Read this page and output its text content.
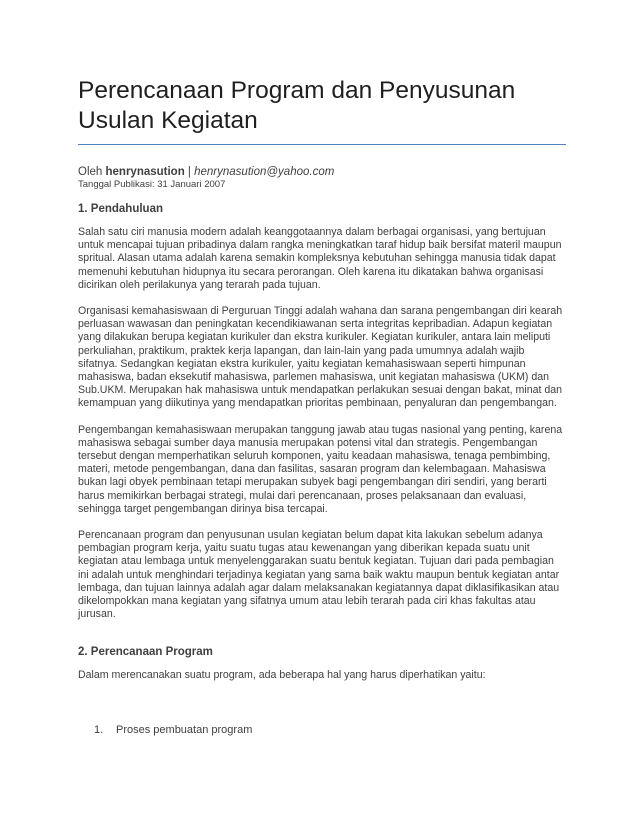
Perencanaan Program dan Penyusunan Usulan Kegiatan
Oleh henrynasution | henrynasution@yahoo.com
Tanggal Publikasi: 31 Januari 2007
1. Pendahuluan

Salah satu ciri manusia modern adalah keanggotaannya dalam berbagai organisasi, yang bertujuan untuk mencapai tujuan pribadinya dalam rangka meningkatkan taraf hidup baik bersifat materil maupun spritual. Alasan utama adalah karena semakin kompleksnya kebutuhan sehingga manusia tidak dapat memenuhi kebutuhan hidupnya itu secara perorangan. Oleh karena itu dikatakan bahwa organisasi dicirikan oleh perilakunya yang terarah pada tujuan.

Organisasi kemahasiswaan di Perguruan Tinggi adalah wahana dan sarana pengembangan diri kearah perluasan wawasan dan peningkatan kecendikiawanan serta integritas kepribadian. Adapun kegiatan yang dilakukan berupa kegiatan kurikuler dan ekstra kurikuler. Kegiatan kurikuler, antara lain meliputi perkuliahan, praktikum, praktek kerja lapangan, dan lain-lain yang pada umumnya adalah wajib sifatnya. Sedangkan kegiatan ekstra kurikuler, yaitu kegiatan kemahasiswaan seperti himpunan mahasiswa, badan eksekutif mahasiswa, parlemen mahasiswa, unit kegiatan mahasiswa (UKM) dan Sub.UKM. Merupakan hak mahasiswa untuk mendapatkan perlakukan sesuai dengan bakat, minat dan kemampuan yang diikutinya yang mendapatkan prioritas pembinaan, penyaluran dan pengembangan.

Pengembangan kemahasiswaan merupakan tanggung jawab atau tugas nasional yang penting, karena mahasiswa sebagai sumber daya manusia merupakan potensi vital dan strategis. Pengembangan tersebut dengan memperhatikan seluruh komponen, yaitu keadaan mahasiswa, tenaga pembimbing, materi, metode pengembangan, dana dan fasilitas, sasaran program dan kelembagaan. Mahasiswa bukan lagi obyek pembinaan tetapi merupakan subyek bagi pengembangan diri sendiri, yang berarti harus memikirkan berbagai strategi, mulai dari perencanaan, proses pelaksanaan dan evaluasi, sehingga target pengembangan dirinya bisa tercapai.

Perencanaan program dan penyusunan usulan kegiatan belum dapat kita lakukan sebelum adanya pembagian program kerja, yaitu suatu tugas atau kewenangan yang diberikan kepada suatu unit kegiatan atau lembaga untuk menyelenggarakan suatu bentuk kegiatan. Tujuan dari pada pembagian ini adalah untuk menghindari terjadinya kegiatan yang sama baik waktu maupun bentuk kegiatan antar lembaga, dan tujuan lainnya adalah agar dalam melaksanakan kegiatannya dapat diklasifikasikan atau dikelompokkan mana kegiatan yang sifatnya umum atau lebih terarah pada ciri khas fakultas atau jurusan.

2. Perencanaan Program

Dalam merencanakan suatu program, ada beberapa hal yang harus diperhatikan yaitu:

1. Proses pembuatan program
